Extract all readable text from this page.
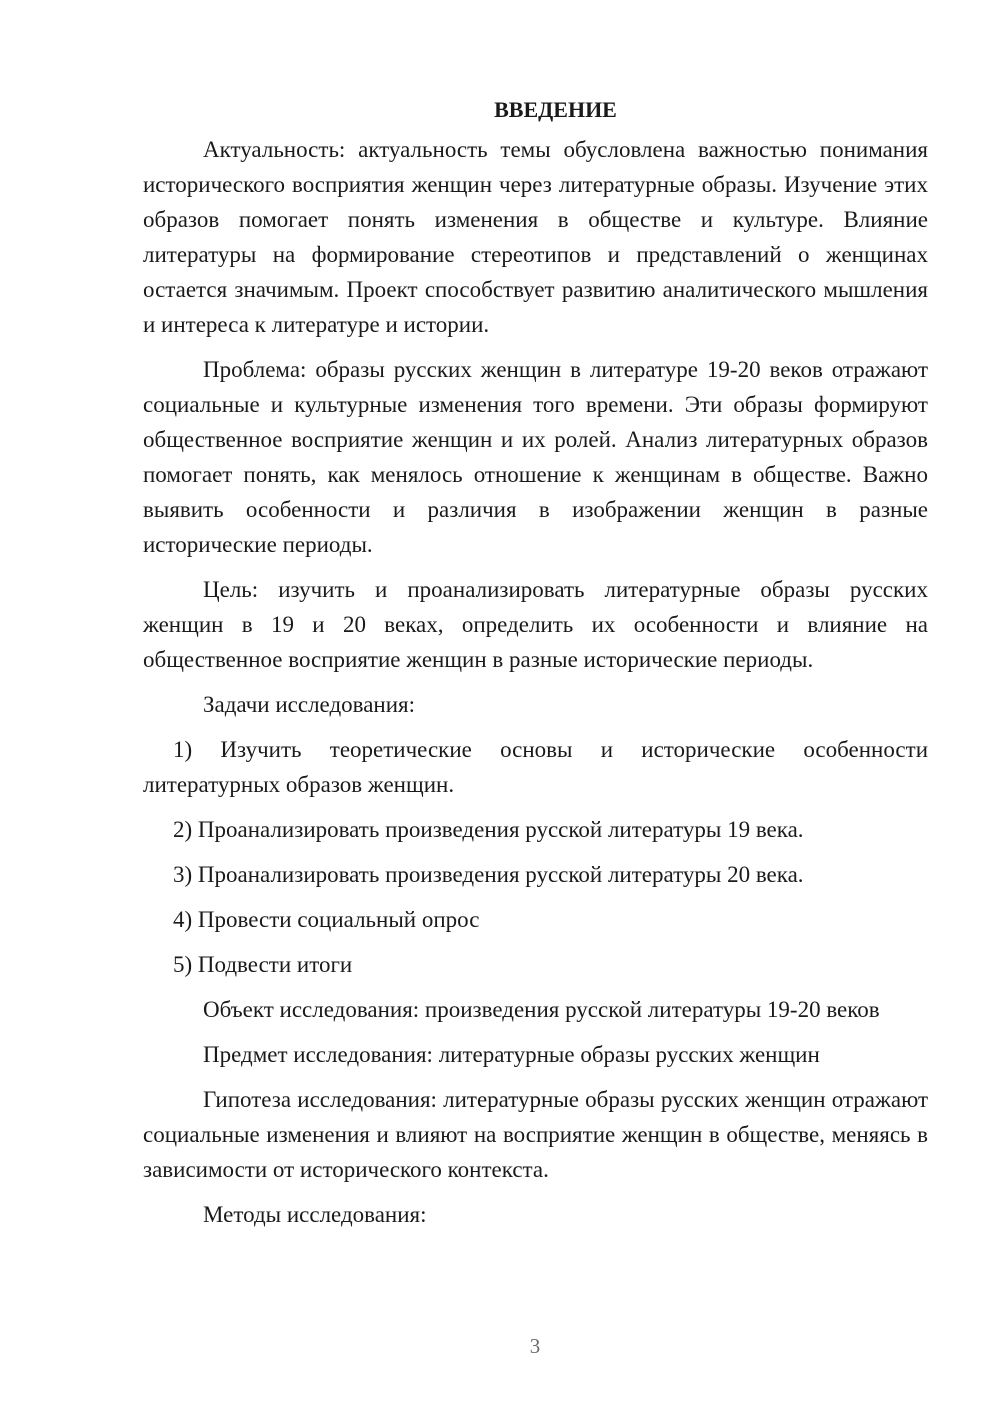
ВВЕДЕНИЕ

Актуальность: актуальность темы обусловлена важностью понимания исторического восприятия женщин через литературные образы. Изучение этих образов помогает понять изменения в обществе и культуре. Влияние литературы на формирование стереотипов и представлений о женщинах остается значимым. Проект способствует развитию аналитического мышления и интереса к литературе и истории.

Проблема: образы русских женщин в литературе 19-20 веков отражают социальные и культурные изменения того времени. Эти образы формируют общественное восприятие женщин и их ролей. Анализ литературных образов помогает понять, как менялось отношение к женщинам в обществе. Важно выявить особенности и различия в изображении женщин в разные исторические периоды.

Цель: изучить и проанализировать литературные образы русских женщин в 19 и 20 веках, определить их особенности и влияние на общественное восприятие женщин в разные исторические периоды.

Задачи исследования:

1) Изучить теоретические основы и исторические особенности литературных образов женщин.

2) Проанализировать произведения русской литературы 19 века.

3) Проанализировать произведения русской литературы 20 века.

4) Провести социальный опрос

5) Подвести итоги

Объект исследования: произведения русской литературы 19-20 веков

Предмет исследования: литературные образы русских женщин

Гипотеза исследования: литературные образы русских женщин отражают социальные изменения и влияют на восприятие женщин в обществе, меняясь в зависимости от исторического контекста.

Методы исследования:

3
